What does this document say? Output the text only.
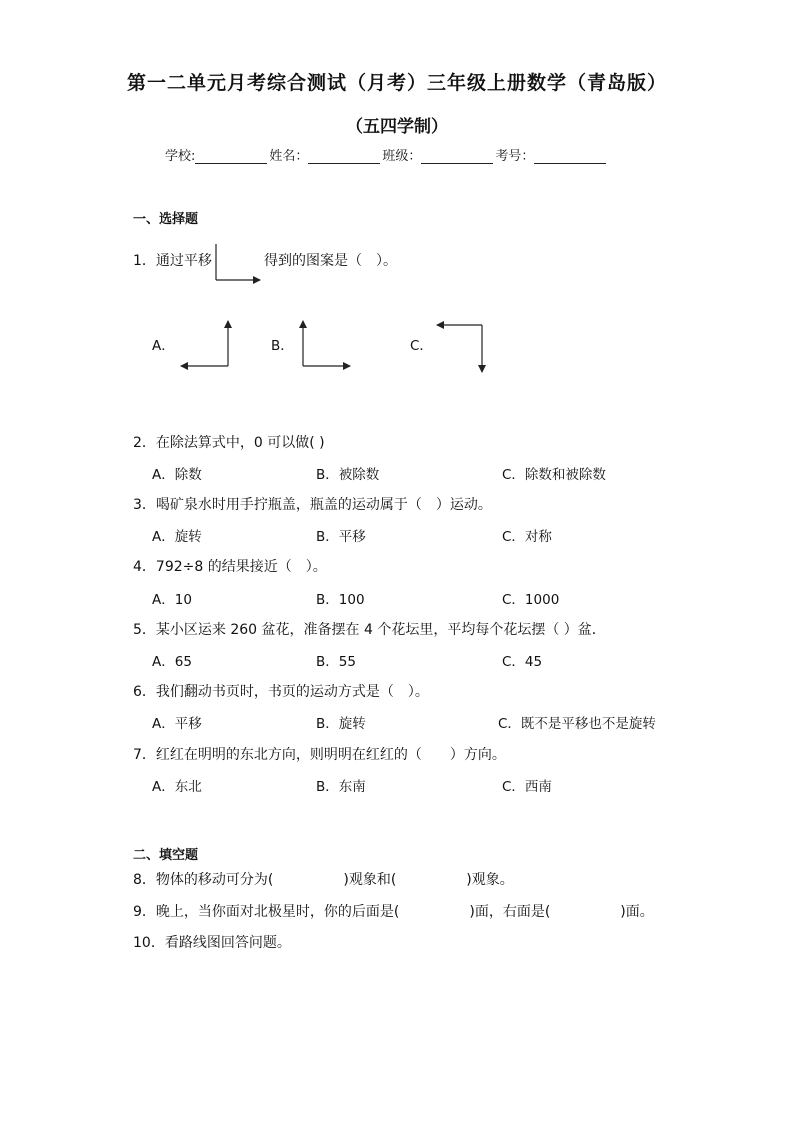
第一二单元月考综合测试（月考）三年级上册数学（青岛版）
（五四学制）
学校:	姓名：	班级：	考号：
一、选择题
1．通过平移	得到的图案是（　）。
A．	B．	C．
2．在除法算式中，0 可以做( )
A．除数	B．被除数	C．除数和被除数
3．喝矿泉水时用手拧瓶盖，瓶盖的运动属于（　）运动。
A．旋转	B．平移	C．对称
4．792÷8 的结果接近（　）。
A．10	B．100	C．1000
5．某小区运来 260 盆花，准备摆在 4 个花坛里，平均每个花坛摆（ ）盆．
A．65	B．55	C．45
6．我们翻动书页时，书页的运动方式是（　）。
A．平移	B．旋转	C．既不是平移也不是旋转
7．红红在明明的东北方向，则明明在红红的（　　）方向。
A．东北	B．东南	C．西南
二、填空题
8．物体的移动可分为(　　　　　)观象和(　　　　　)观象。
9．晚上，当你面对北极星时，你的后面是(　　　　　)面，右面是(　　　　　)面。
10．看路线图回答问题。
